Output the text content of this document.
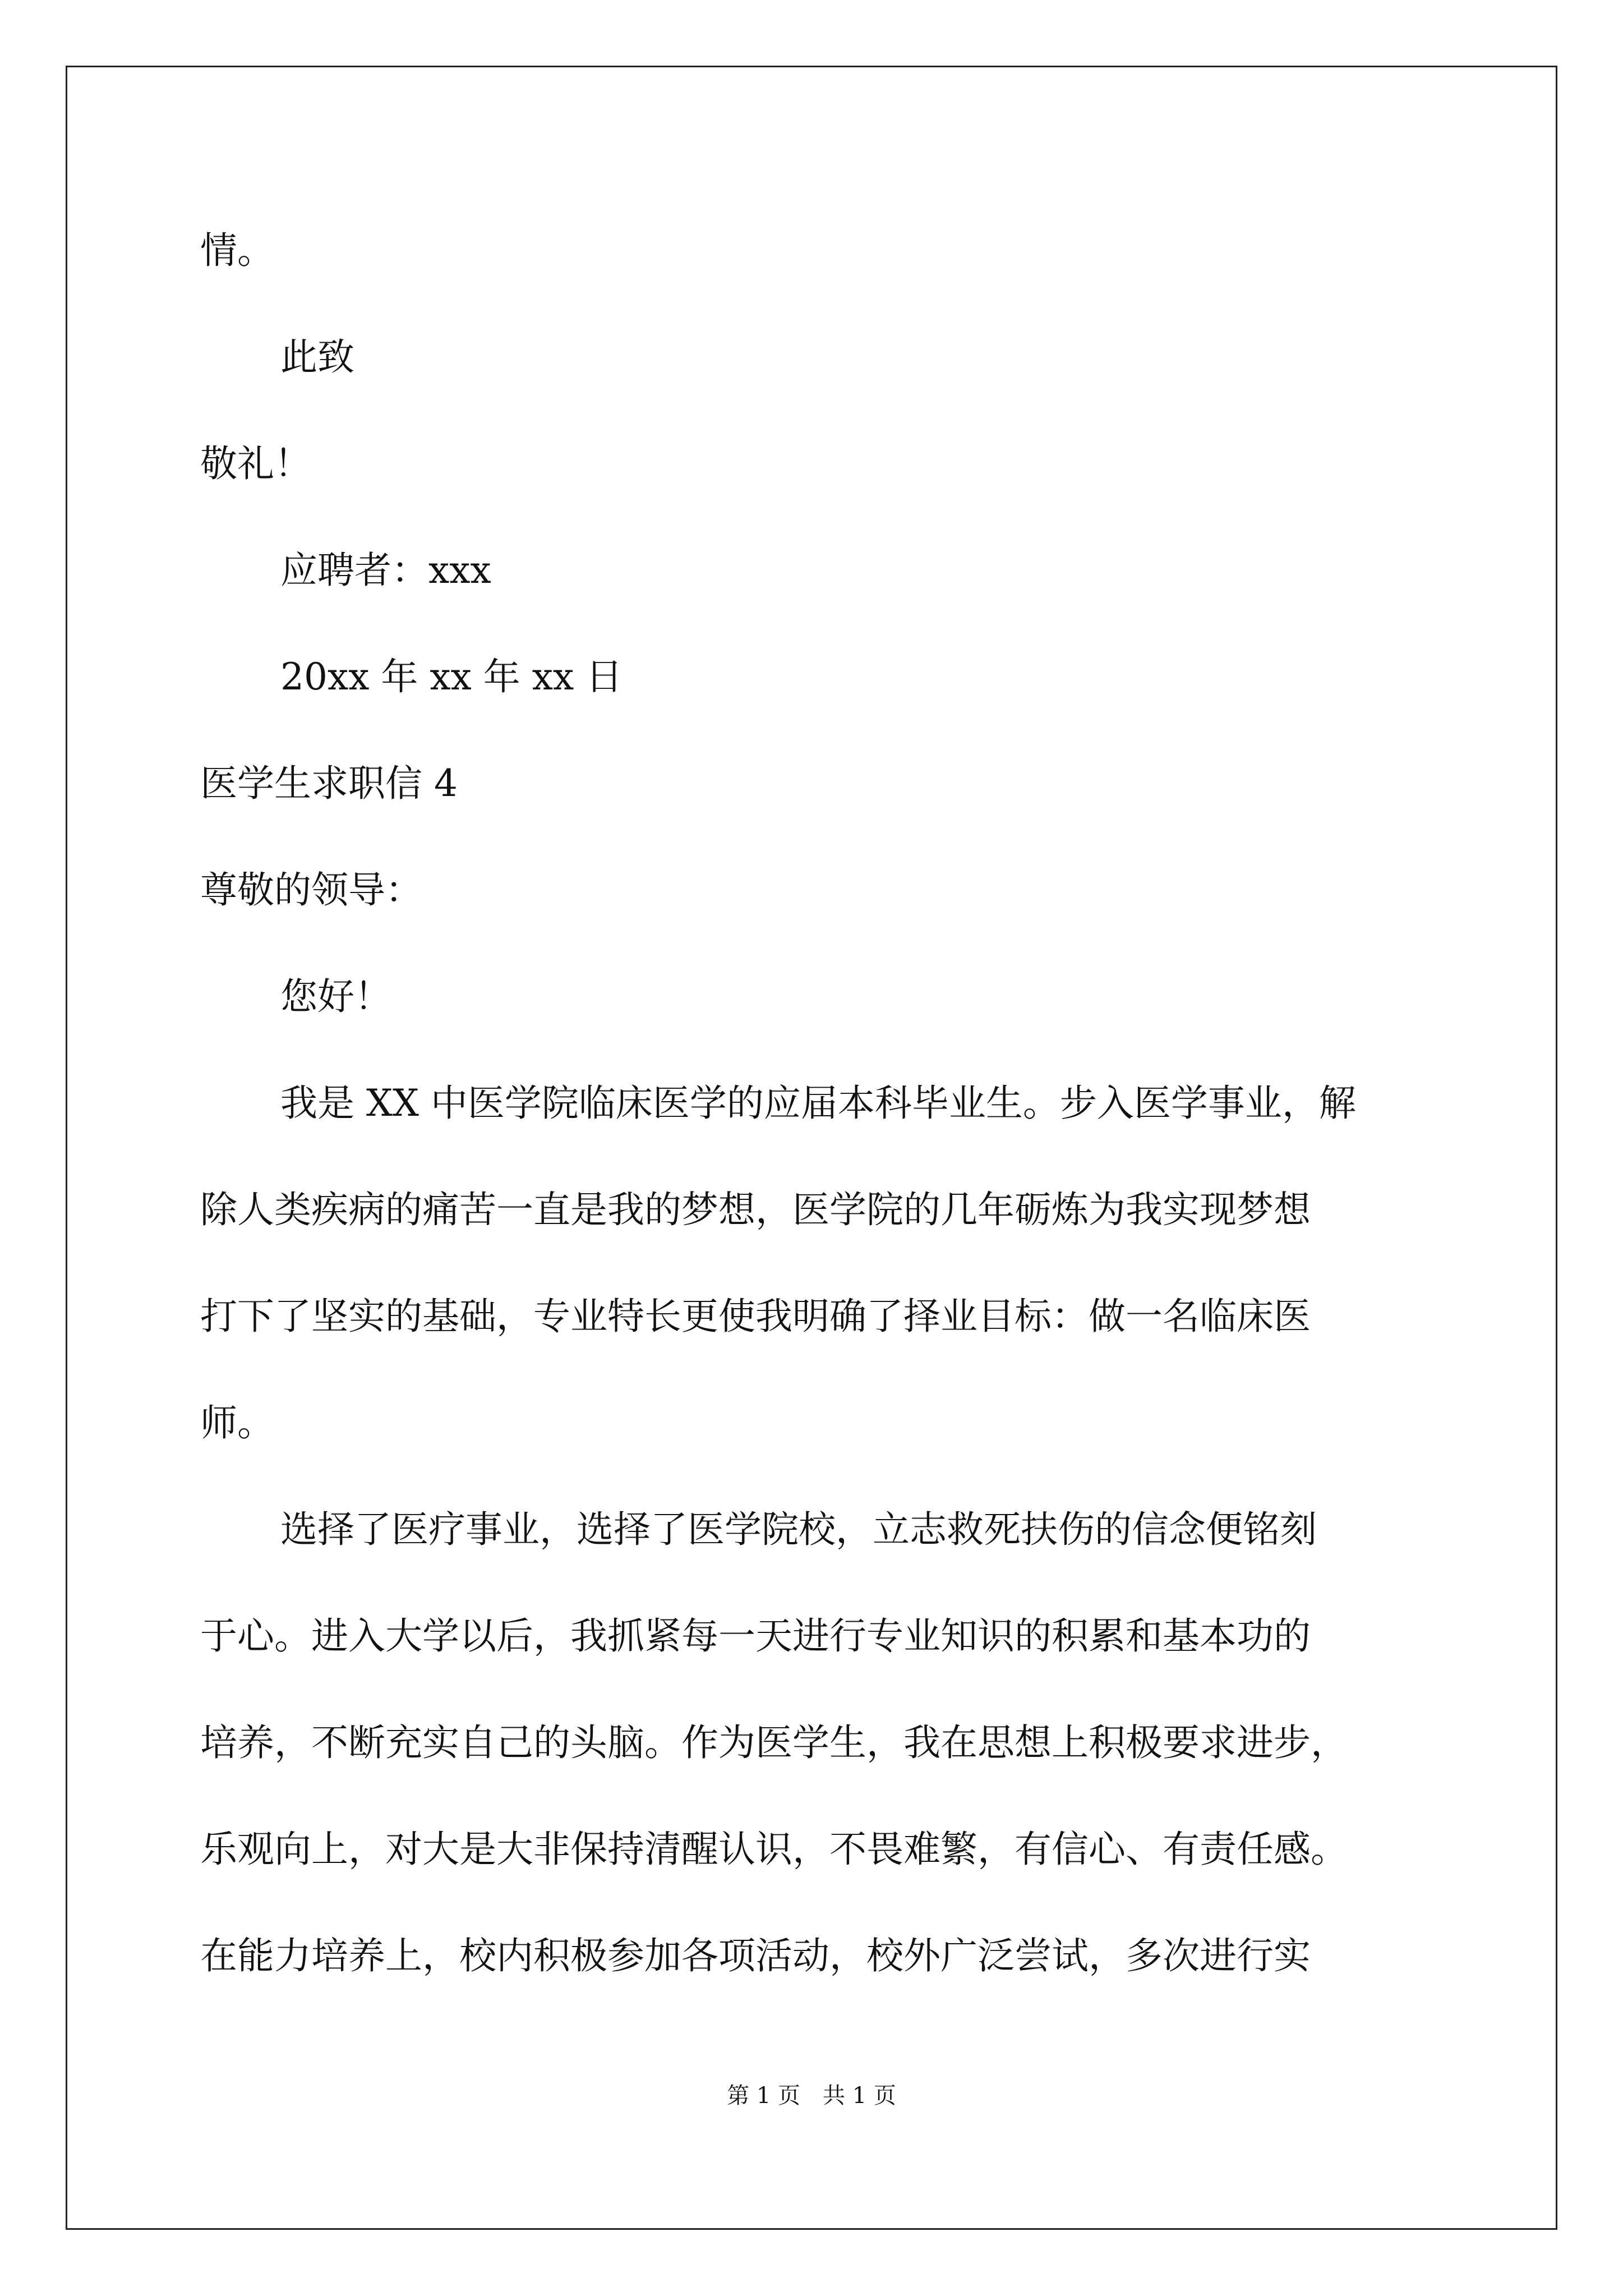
情。
此致
敬礼！
应聘者：xxx
20xx 年 xx 年 xx 日
医学生求职信 4
尊敬的领导：
您好！
我是 XX 中医学院临床医学的应届本科毕业生。步入医学事业，解
除人类疾病的痛苦一直是我的梦想，医学院的几年砺炼为我实现梦想
打下了坚实的基础，专业特长更使我明确了择业目标：做一名临床医
师。
选择了医疗事业，选择了医学院校，立志救死扶伤的信念便铭刻
于心。进入大学以后，我抓紧每一天进行专业知识的积累和基本功的
培养，不断充实自己的头脑。作为医学生，我在思想上积极要求进步，
乐观向上，对大是大非保持清醒认识，不畏难繁，有信心、有责任感。
在能力培养上，校内积极参加各项活动，校外广泛尝试，多次进行实
第 1 页　共 1 页
